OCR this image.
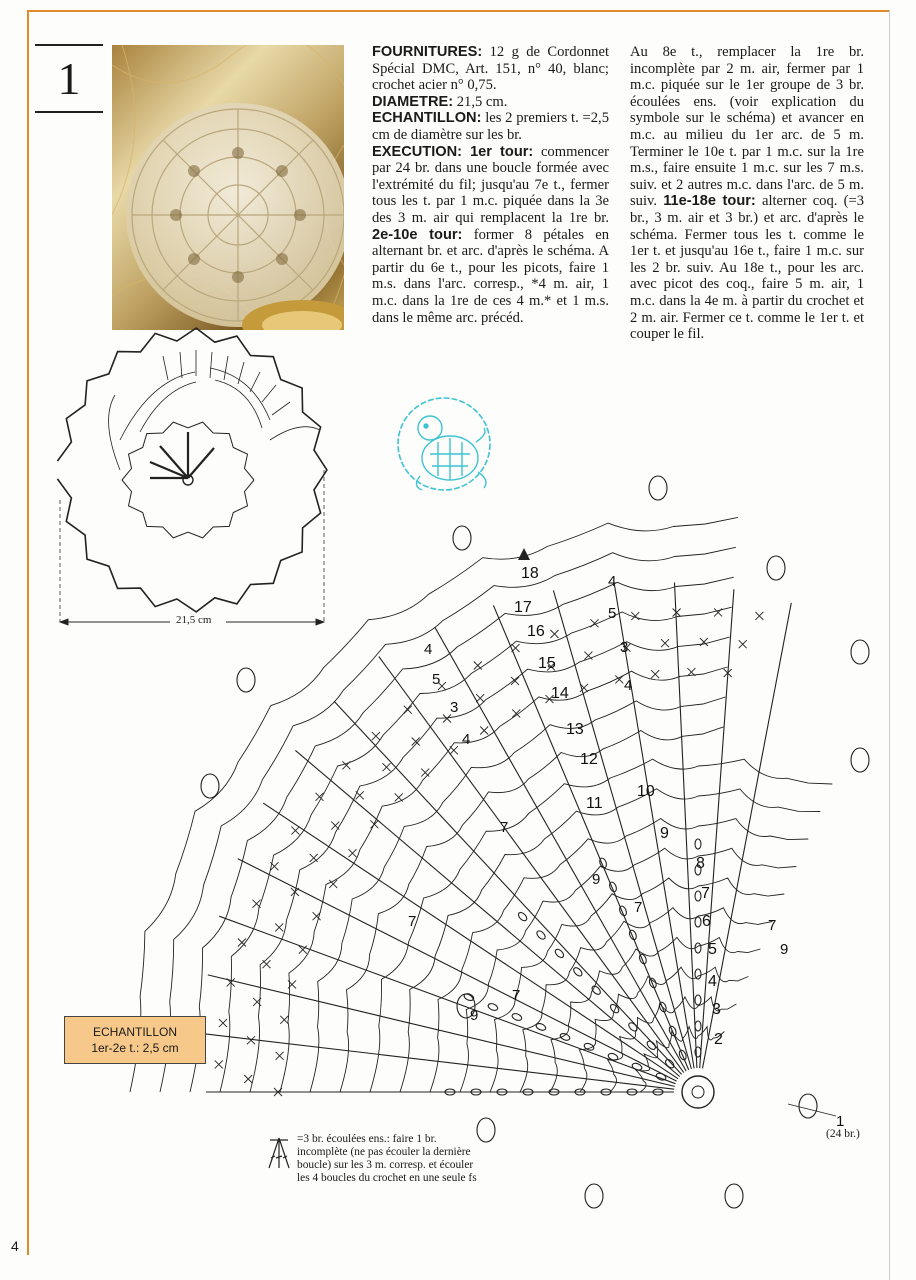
1

FOURNITURES: 12 g de Cordonnet Spécial DMC, Art. 151, n° 40, blanc; crochet acier n° 0,75.

DIAMETRE: 21,5 cm.

ECHANTILLON: les 2 premiers t. =2,5 cm de diamètre sur les br.

EXECUTION: 1er tour: commencer par 24 br. dans une boucle formée avec l'extrémité du fil; jusqu'au 7e t., fermer tous les t. par 1 m.c. piquée dans la 3e des 3 m. air qui remplacent la 1re br. 2e-10e tour: former 8 pétales en alternant br. et arc. d'après le schéma. A partir du 6e t., pour les picots, faire 1 m.s. dans l'arc. corresp., *4 m. air, 1 m.c. dans la 1re de ces 4 m.* et 1 m.s. dans le même arc. précéd.

Au 8e t., remplacer la 1re br. incomplète par 2 m. air, fermer par 1 m.c. piquée sur le 1er groupe de 3 br. écoulées ens. (voir explication du symbole sur le schéma) et avancer en m.c. au milieu du 1er arc. de 5 m. Terminer le 10e t. par 1 m.c. sur la 1re m.s., faire ensuite 1 m.c. sur les 7 m.s. suiv. et 2 autres m.c. dans l'arc. de 5 m. suiv. 11e-18e tour: alterner coq. (=3 br., 3 m. air et 3 br.) et arc. d'après le schéma. Fermer tous les t. comme le 1er t. et jusqu'au 16e t., faire 1 m.c. sur les 2 br. suiv. Au 18e t., pour les arc. avec picot des coq., faire 5 m. air, 1 m.c. dans la 4e m. à partir du crochet et 2 m. air. Fermer ce t. comme le 1er t. et couper le fil.

18
17
16
15
14
13
12
11
10
9
8
7
6
5
4
3
2
1
4
5
3
4
4
5
3
4
7
7
7
9
9
7
7
9
21,5 cm
ECHANTILLON
1er-2e t.: 2,5 cm
=3 br. écoulées ens.: faire 1 br. incomplète (ne pas écouler la dernière boucle) sur les 3 m. corresp. et écouler les 4 boucles du crochet en une seule fs
(24 br.)
4
